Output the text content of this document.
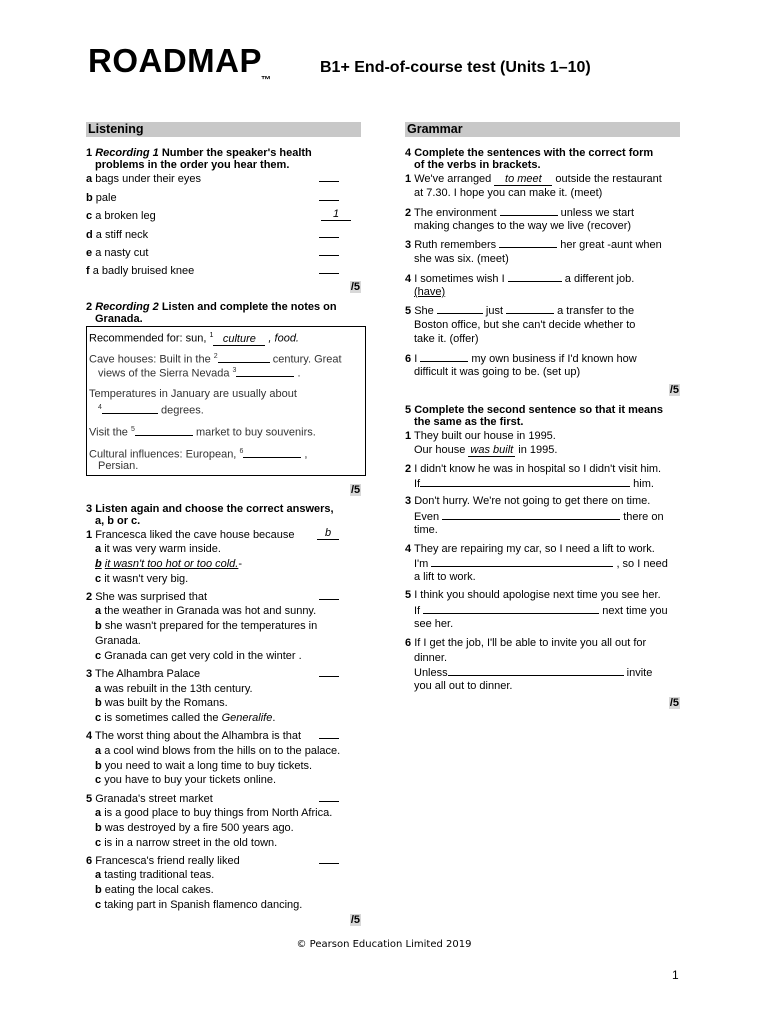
ROADMAP
™
B1+ End-of-course test (Units 1–10)
Listening
1 Recording 1 Number the speaker's health
problems in the order you hear them.
a bags under their eyes
b pale
c a broken leg	1
d a stiff neck
e a nasty cut
f a badly bruised knee
/5
2 Recording 2 Listen and complete the notes on
Granada.
Recommended for: sun, $^1$ culture , food.
Cave houses: Built in the $^2$	century. Great
views of the Sierra Nevada $^3$	.
Temperatures in January are usually about
$^4$	degrees.
Visit the $^5$	market to buy souvenirs.
Cultural influences: European, $^6$	,
Persian.
/5
3 Listen again and choose the correct answers,
a, b or c.
1 Francesca liked the cave house because	b
a it was very warm inside.
b it wasn't too hot or too cold.-
c it wasn't very big.
2 She was surprised that
a the weather in Granada was hot and sunny.
b she wasn't prepared for the temperatures in
Granada.
c Granada can get very cold in the winter .
3 The Alhambra Palace
a was rebuilt in the 13th century.
b was built by the Romans.
c is sometimes called the Generalife.
4 The worst thing about the Alhambra is that
a a cool wind blows from the hills on to the palace.
b you need to wait a long time to buy tickets.
c you have to buy your tickets online.
5 Granada's street market
a is a good place to buy things from North Africa.
b was destroyed by a fire 500 years ago.
c is in a narrow street in the old town.
6 Francesca's friend really liked
a tasting traditional teas.
b eating the local cakes.
c taking part in Spanish flamenco dancing.
/5
Grammar
4 Complete the sentences with the correct form
of the verbs in brackets.
1 We've arranged to meet outside the restaurant
at 7.30. I hope you can make it. (meet)
2 The environment	unless we start
making changes to the way we live (recover)
3 Ruth remembers	her great -aunt when
she was six. (meet)
4 I sometimes wish I	a different job.
(have)
5 She	just	a transfer to the
Boston office, but she can't decide whether to
take it. (offer)
6 I	my own business if I'd known how
difficult it was going to be. (set up)
/5
5 Complete the second sentence so that it means
the same as the first.
1 They built our house in 1995.
Our house was built in 1995.
2 I didn't know he was in hospital so I didn't visit him.
If	him.
3 Don't hurry. We're not going to get there on time.
Even	there on
time.
4 They are repairing my car, so I need a lift to work.
I'm	, so I need
a lift to work.
5 I think you should apologise next time you see her.
If	next time you
see her.
6 If I get the job, I'll be able to invite you all out for
dinner.
Unless	invite
you all out to dinner.
/5
© Pearson Education Limited 2019
1
